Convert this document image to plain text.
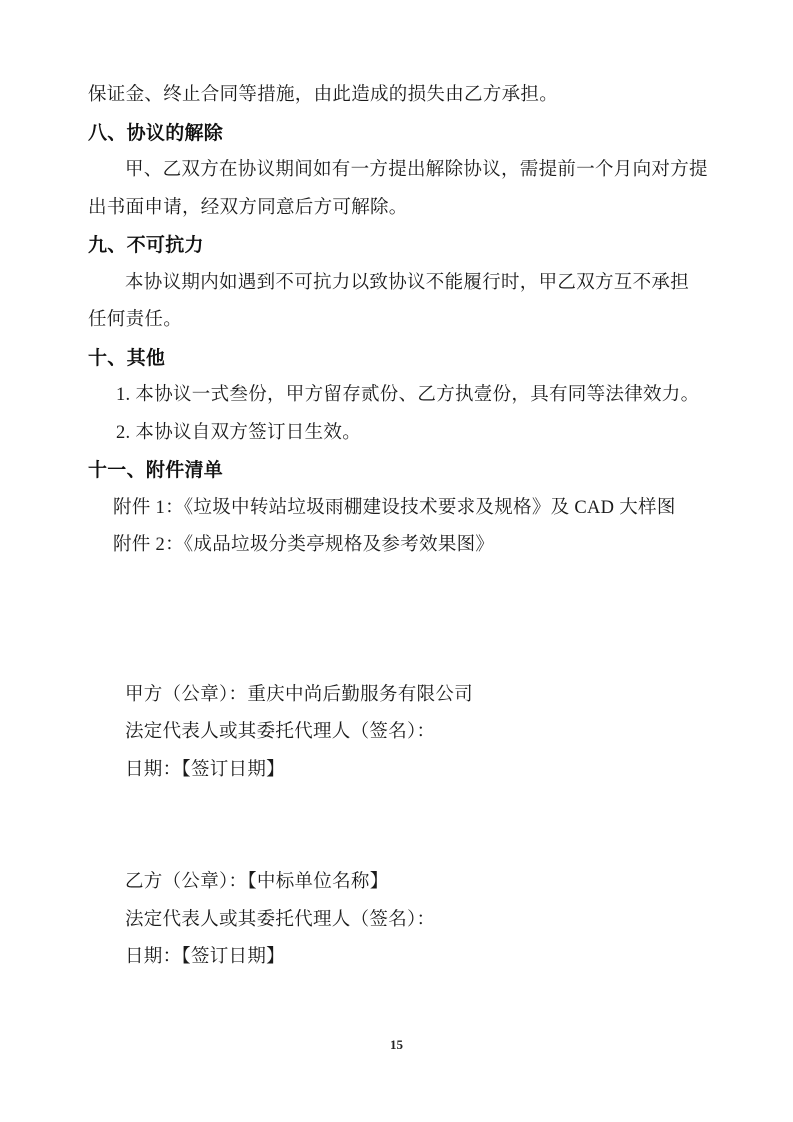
保证金、终止合同等措施，由此造成的损失由乙方承担。
八、协议的解除
甲、乙双方在协议期间如有一方提出解除协议，需提前一个月向对方提
出书面申请，经双方同意后方可解除。
九、不可抗力
本协议期内如遇到不可抗力以致协议不能履行时，甲乙双方互不承担
任何责任。
十、其他
1. 本协议一式叁份，甲方留存贰份、乙方执壹份，具有同等法律效力。
2. 本协议自双方签订日生效。
十一、附件清单
附件 1：《垃圾中转站垃圾雨棚建设技术要求及规格》及 CAD 大样图
附件 2：《成品垃圾分类亭规格及参考效果图》
甲方（公章）：重庆中尚后勤服务有限公司
法定代表人或其委托代理人（签名）：
日期：【签订日期】
乙方（公章）：【中标单位名称】
法定代表人或其委托代理人（签名）：
日期：【签订日期】
15
